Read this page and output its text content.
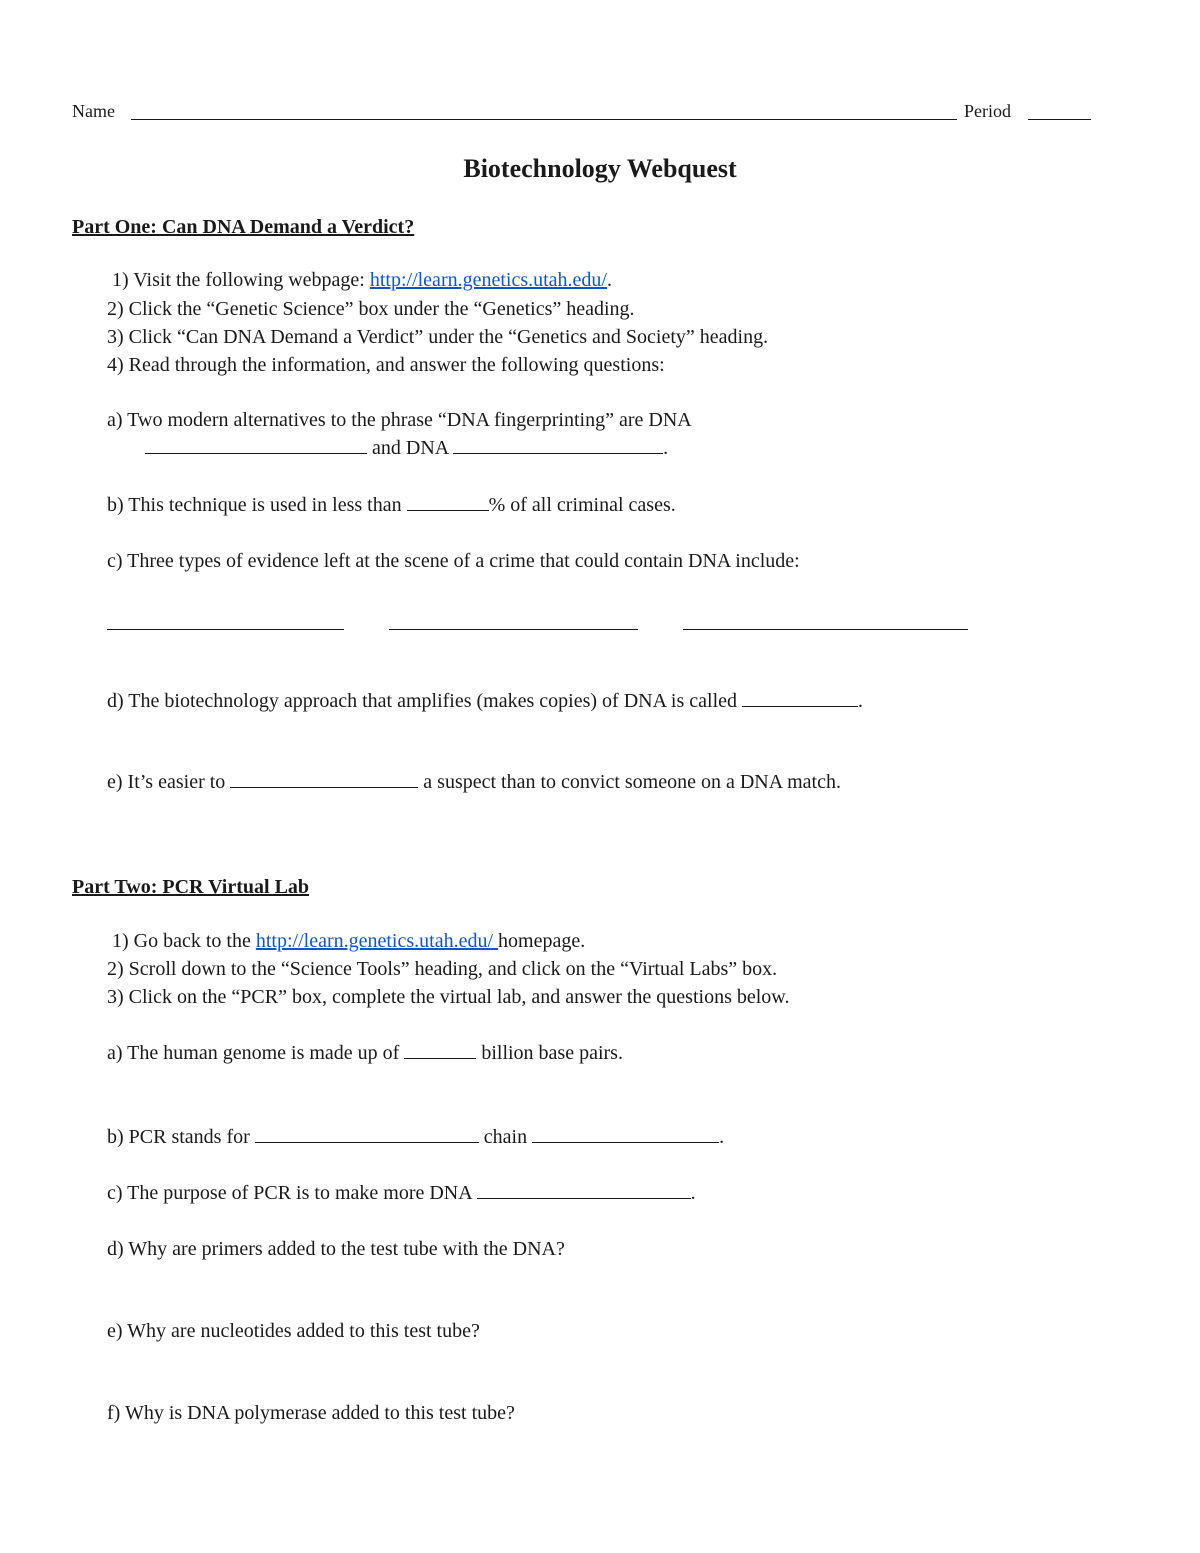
Name	Period
Biotechnology Webquest
Part One: Can DNA Demand a Verdict?
1) Visit the following webpage: http://learn.genetics.utah.edu/.
2) Click the “Genetic Science” box under the “Genetics” heading.
3) Click “Can DNA Demand a Verdict” under the “Genetics and Society” heading.
4) Read through the information, and answer the following questions:
a) Two modern alternatives to the phrase “DNA fingerprinting” are DNA
and DNA	.
b) This technique is used in less than	% of all criminal cases.
c) Three types of evidence left at the scene of a crime that could contain DNA include:
d) The biotechnology approach that amplifies (makes copies) of DNA is called	.
e) It’s easier to	a suspect than to convict someone on a DNA match.
Part Two: PCR Virtual Lab
1) Go back to the http://learn.genetics.utah.edu/ homepage.
2) Scroll down to the “Science Tools” heading, and click on the “Virtual Labs” box.
3) Click on the “PCR” box, complete the virtual lab, and answer the questions below.
a) The human genome is made up of	billion base pairs.
b) PCR stands for	chain	.
c) The purpose of PCR is to make more DNA	.
d) Why are primers added to the test tube with the DNA?
e) Why are nucleotides added to this test tube?
f) Why is DNA polymerase added to this test tube?
